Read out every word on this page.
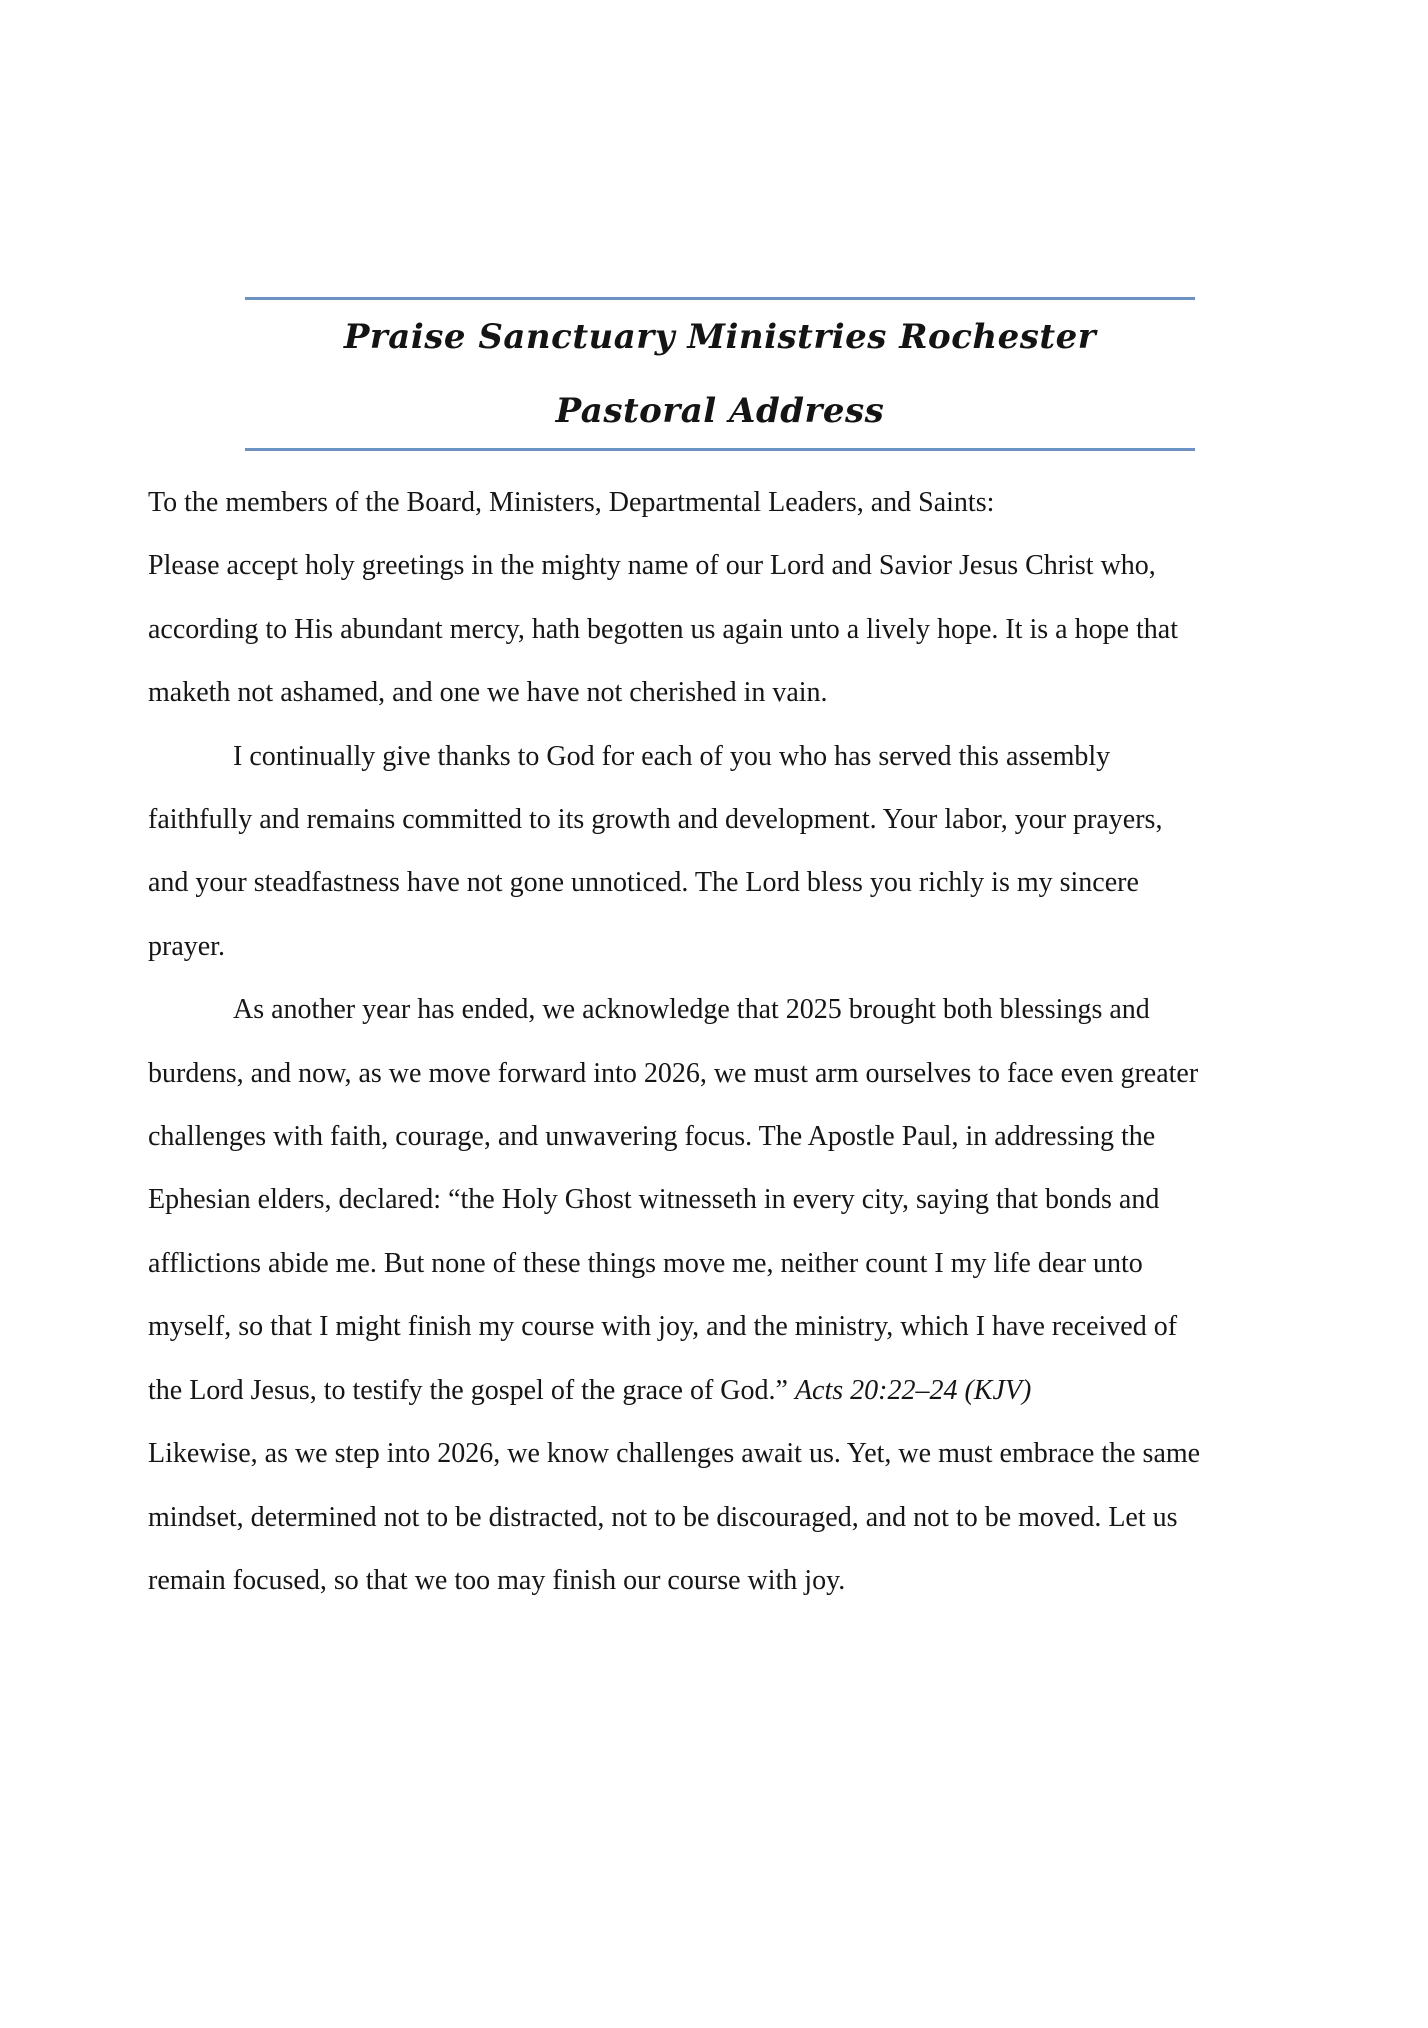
Praise Sanctuary Ministries Rochester
Pastoral Address
To the members of the Board, Ministers, Departmental Leaders, and Saints:
Please accept holy greetings in the mighty name of our Lord and Savior Jesus Christ who,
according to His abundant mercy, hath begotten us again unto a lively hope. It is a hope that
maketh not ashamed, and one we have not cherished in vain.
I continually give thanks to God for each of you who has served this assembly
faithfully and remains committed to its growth and development. Your labor, your prayers,
and your steadfastness have not gone unnoticed. The Lord bless you richly is my sincere
prayer.
As another year has ended, we acknowledge that 2025 brought both blessings and
burdens, and now, as we move forward into 2026, we must arm ourselves to face even greater
challenges with faith, courage, and unwavering focus. The Apostle Paul, in addressing the
Ephesian elders, declared: “the Holy Ghost witnesseth in every city, saying that bonds and
afflictions abide me. But none of these things move me, neither count I my life dear unto
myself, so that I might finish my course with joy, and the ministry, which I have received of
the Lord Jesus, to testify the gospel of the grace of God.” Acts 20:22–24 (KJV)
Likewise, as we step into 2026, we know challenges await us. Yet, we must embrace the same
mindset, determined not to be distracted, not to be discouraged, and not to be moved. Let us
remain focused, so that we too may finish our course with joy.
